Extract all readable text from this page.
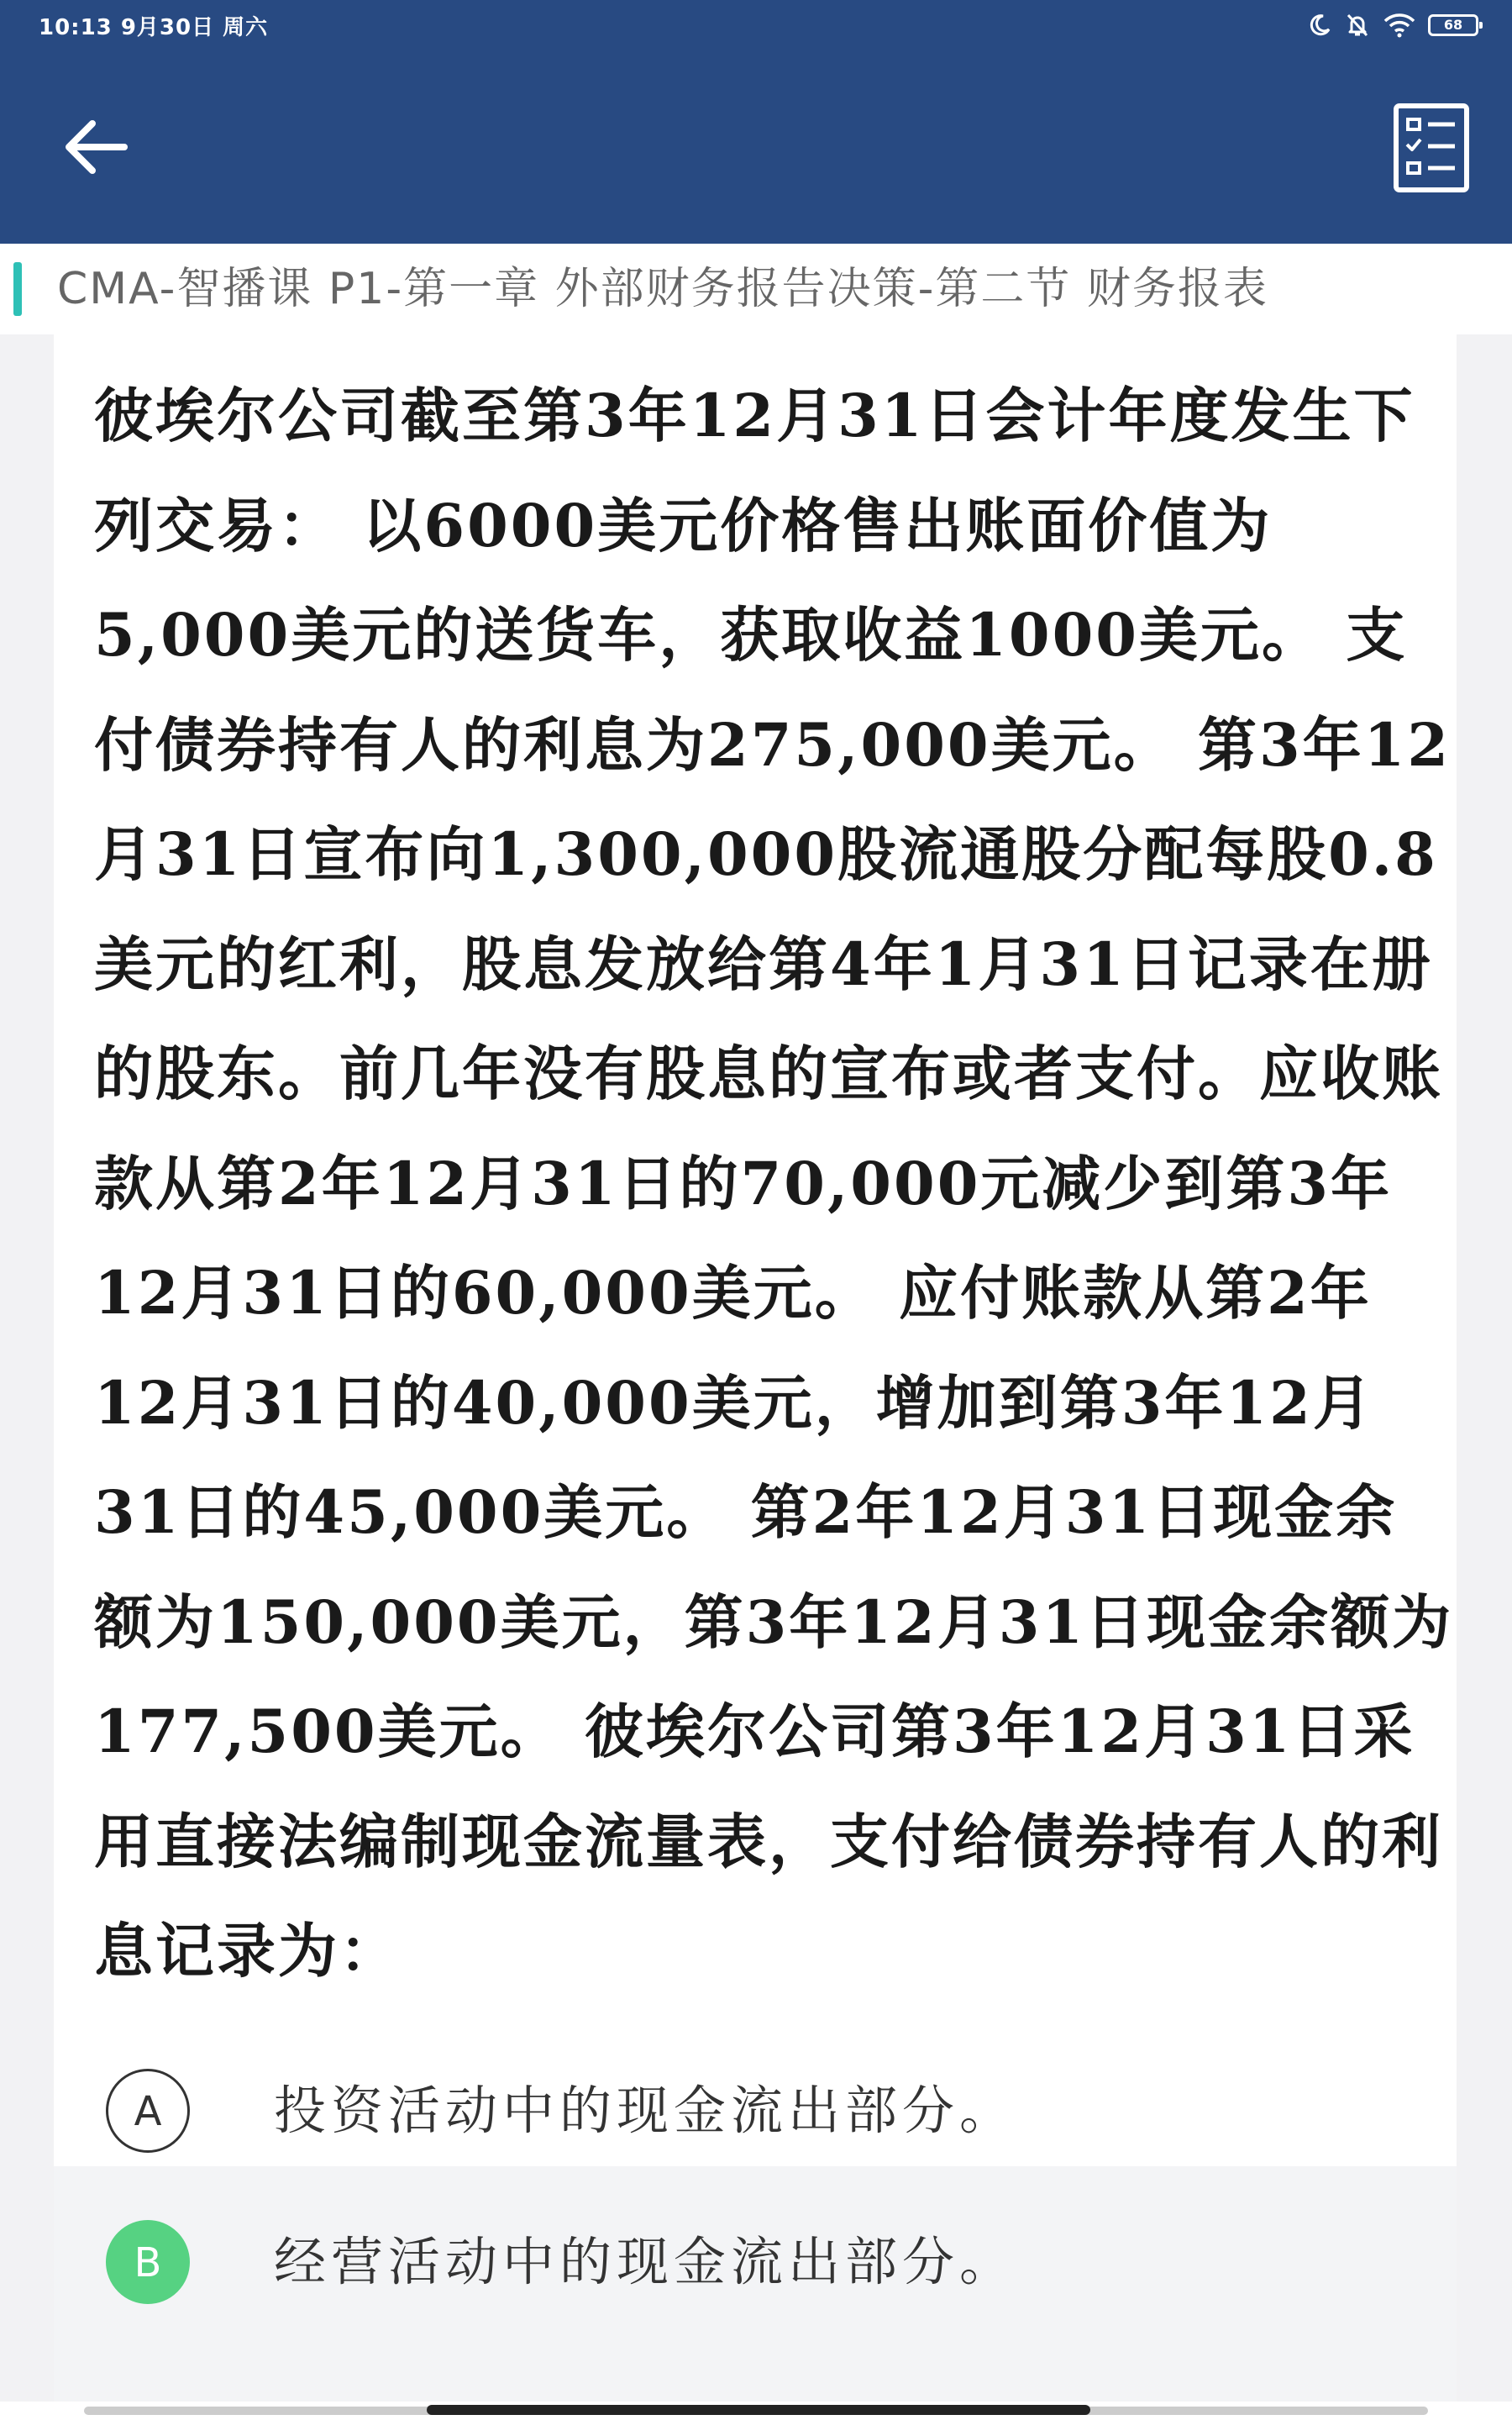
10:13 9月30日 周六	68
CMA-智播课 P1-第一章 外部财务报告决策-第二节 财务报表

彼埃尔公司截至第3年12月31日会计年度发生下列交易： 以6000美元价格售出账面价值为5,000美元的送货车，获取收益1000美元。 支付债券持有人的利息为275,000美元。 第3年12月31日宣布向1,300,000股流通股分配每股0.8美元的红利，股息发放给第4年1月31日记录在册的股东。前几年没有股息的宣布或者支付。应收账款从第2年12月31日的70,000元减少到第3年12月31日的60,000美元。 应付账款从第2年12月31日的40,000美元，增加到第3年12月31日的45,000美元。 第2年12月31日现金余额为150,000美元，第3年12月31日现金余额为177,500美元。 彼埃尔公司第3年12月31日采用直接法编制现金流量表，支付给债券持有人的利息记录为：

A	投资活动中的现金流出部分。
B	经营活动中的现金流出部分。
